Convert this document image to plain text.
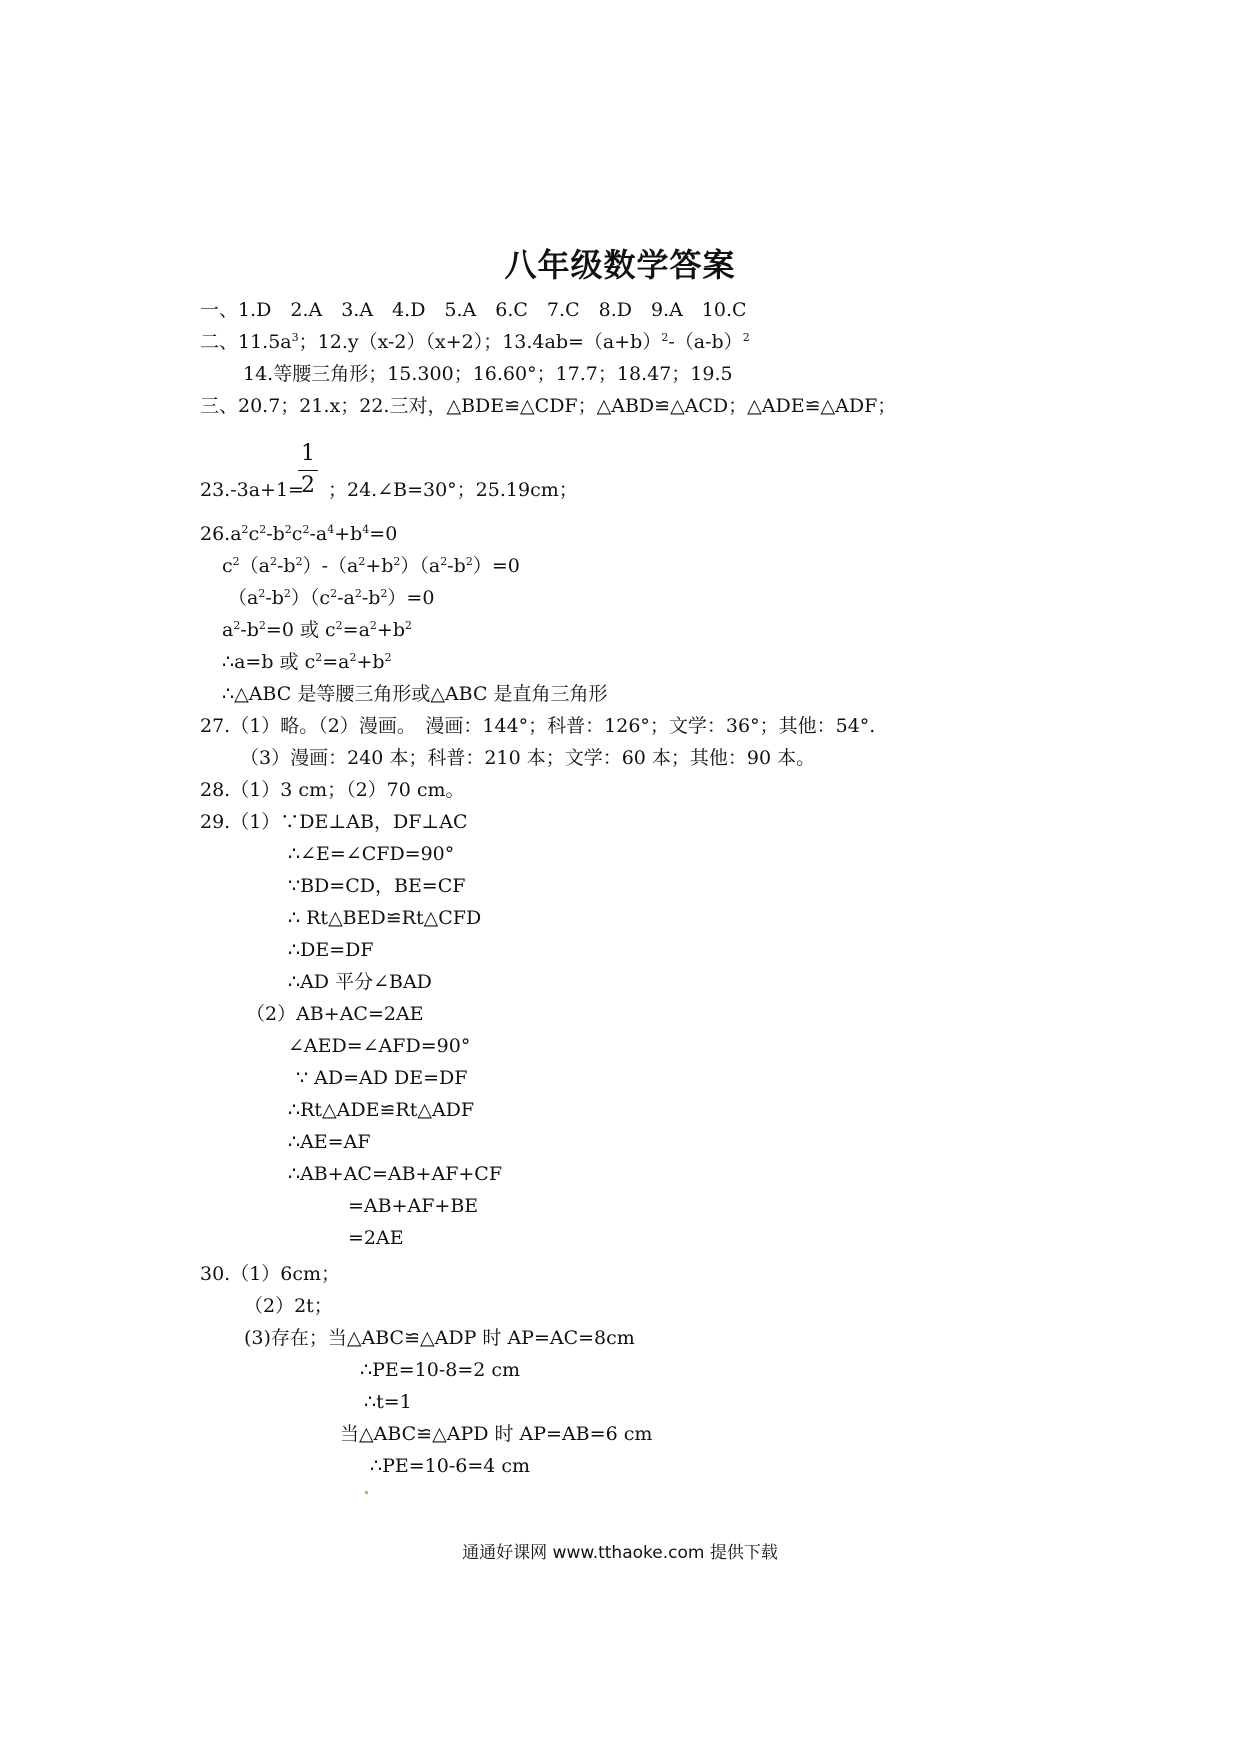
八年级数学答案
一、1.D　2.A　3.A　4.D　5.A　6.C　7.C　8.D　9.A　10.C
二、$11.5a^3$；12.y（x-2）（x+2）；$13.4ab=(a+b)^2-(a-b)^2$
14.等腰三角形；15.300；16.60°；17.7；18.47；19.5
三、20.7；21.x；22.三对，△BDE≌△CDF；△ABD≌△ACD；△ADE≌△ADF；
1
2
23.-3a+1= ；24.∠B=30°；25.19cm；
$26.a^2c^2-b^2c^2-a^4+b^4=0$
$c^2(a^2-b^2)-(a^2+b^2)(a^2-b^2)=0$
$(a^2-b^2)(c^2-a^2-b^2)=0$
$a^2-b^2=0$ 或 $c^2=a^2+b^2$
∴a=b 或 $c^2=a^2+b^2$
∴△ABC 是等腰三角形或△ABC 是直角三角形
27.（1）略。（2）漫画。　漫画：144°；科普：126°；文学：36°；其他：54°.
（3）漫画：240 本；科普：210 本；文学：60 本；其他：90 本。
28.（1）3 cm；（2）70 cm。
29.（1）∵DE⊥AB，DF⊥AC
∴∠E=∠CFD=90°
∵BD=CD，BE=CF
∴ Rt△BED≌Rt△CFD
∴DE=DF
∴AD 平分∠BAD
（2）AB+AC=2AE
∠AED=∠AFD=90°
∵ AD=AD DE=DF
∴Rt△ADE≌Rt△ADF
∴AE=AF
∴AB+AC=AB+AF+CF
=AB+AF+BE
=2AE
30.（1）6cm；
（2）2t；
(3)存在；当△ABC≌△ADP 时 AP=AC=8cm
∴PE=10-8=2 cm
∴t=1
当△ABC≌△APD 时 AP=AB=6 cm
∴PE=10-6=4 cm
通通好课网 www.tthaoke.com 提供下载
